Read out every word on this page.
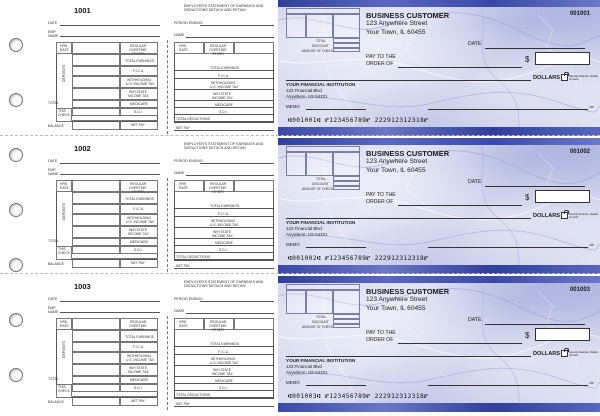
1001	EMPLOYER'S STATEMENT OF EARNINGS AND DEDUCTIONS DETACH AND RETAIN
DATE	PERIOD ENDING
EMP NAME	NAME
HRS RATE
REGULAR
OVERTIME
OTHER
TOTAL EARNINGS
F.I.C.A.
WITHHOLDING
U.S. INCOME TAX
W/H STATE
INCOME TAX
MEDICARE
THIS CHECK
S.D.I.
TOTAL
DEPOSITS
BALANCE	NET PAY
HRS RATE
REGULAR
OVERTIME
OTHER
TOTAL EARNINGS
F.I.C.A.
WITHHOLDING
U.S. INCOME TAX
W/H STATE
INCOME TAX
MEDICARE
S.D.I.
TOTAL DEDUCTIONS
NET PAY
TOTAL
DISCOUNT
AMOUNT OF CHECK
BUSINESS CUSTOMER
123 Anywhere Street
Your Town, IL 60455
001001
DATE
PAY TO THE
ORDER OF	$
DOLLARS	Security features. Details on back.
YOUR FINANCIAL INSTITUTION
123 Financial Blvd
Anywhere, US 54321
MEMO	MP
⑆001001⑆ ⑈123456789⑈ 222912312318⑈
1002	EMPLOYER'S STATEMENT OF EARNINGS AND DEDUCTIONS DETACH AND RETAIN
DATE	PERIOD ENDING
EMP NAME	NAME
HRS RATE
REGULAR
OVERTIME
OTHER
TOTAL EARNINGS
F.I.C.A.
WITHHOLDING
U.S. INCOME TAX
W/H STATE
INCOME TAX
MEDICARE
THIS CHECK
S.D.I.
TOTAL
DEPOSITS
BALANCE	NET PAY
HRS RATE
REGULAR
OVERTIME
OTHER
TOTAL EARNINGS
F.I.C.A.
WITHHOLDING
U.S. INCOME TAX
W/H STATE
INCOME TAX
MEDICARE
S.D.I.
TOTAL DEDUCTIONS
NET PAY
TOTAL
DISCOUNT
AMOUNT OF CHECK
BUSINESS CUSTOMER
123 Anywhere Street
Your Town, IL 60455
001002
DATE
PAY TO THE
ORDER OF	$
DOLLARS	Security features. Details on back.
YOUR FINANCIAL INSTITUTION
123 Financial Blvd
Anywhere, US 54321
MEMO	MP
⑆001002⑆ ⑈123456789⑈ 222912312318⑈
1003	EMPLOYER'S STATEMENT OF EARNINGS AND DEDUCTIONS DETACH AND RETAIN
DATE	PERIOD ENDING
EMP NAME	NAME
HRS RATE
REGULAR
OVERTIME
OTHER
TOTAL EARNINGS
F.I.C.A.
WITHHOLDING
U.S. INCOME TAX
W/H STATE
INCOME TAX
MEDICARE
THIS CHECK
S.D.I.
TOTAL
DEPOSITS
BALANCE	NET PAY
HRS RATE
REGULAR
OVERTIME
OTHER
TOTAL EARNINGS
F.I.C.A.
WITHHOLDING
U.S. INCOME TAX
W/H STATE
INCOME TAX
MEDICARE
S.D.I.
TOTAL DEDUCTIONS
NET PAY
TOTAL
DISCOUNT
AMOUNT OF CHECK
BUSINESS CUSTOMER
123 Anywhere Street
Your Town, IL 60455
001003
DATE
PAY TO THE
ORDER OF	$
DOLLARS	Security features. Details on back.
YOUR FINANCIAL INSTITUTION
123 Financial Blvd
Anywhere, US 54321
MEMO	MP
⑆001003⑆ ⑈123456789⑈ 222912312318⑈
